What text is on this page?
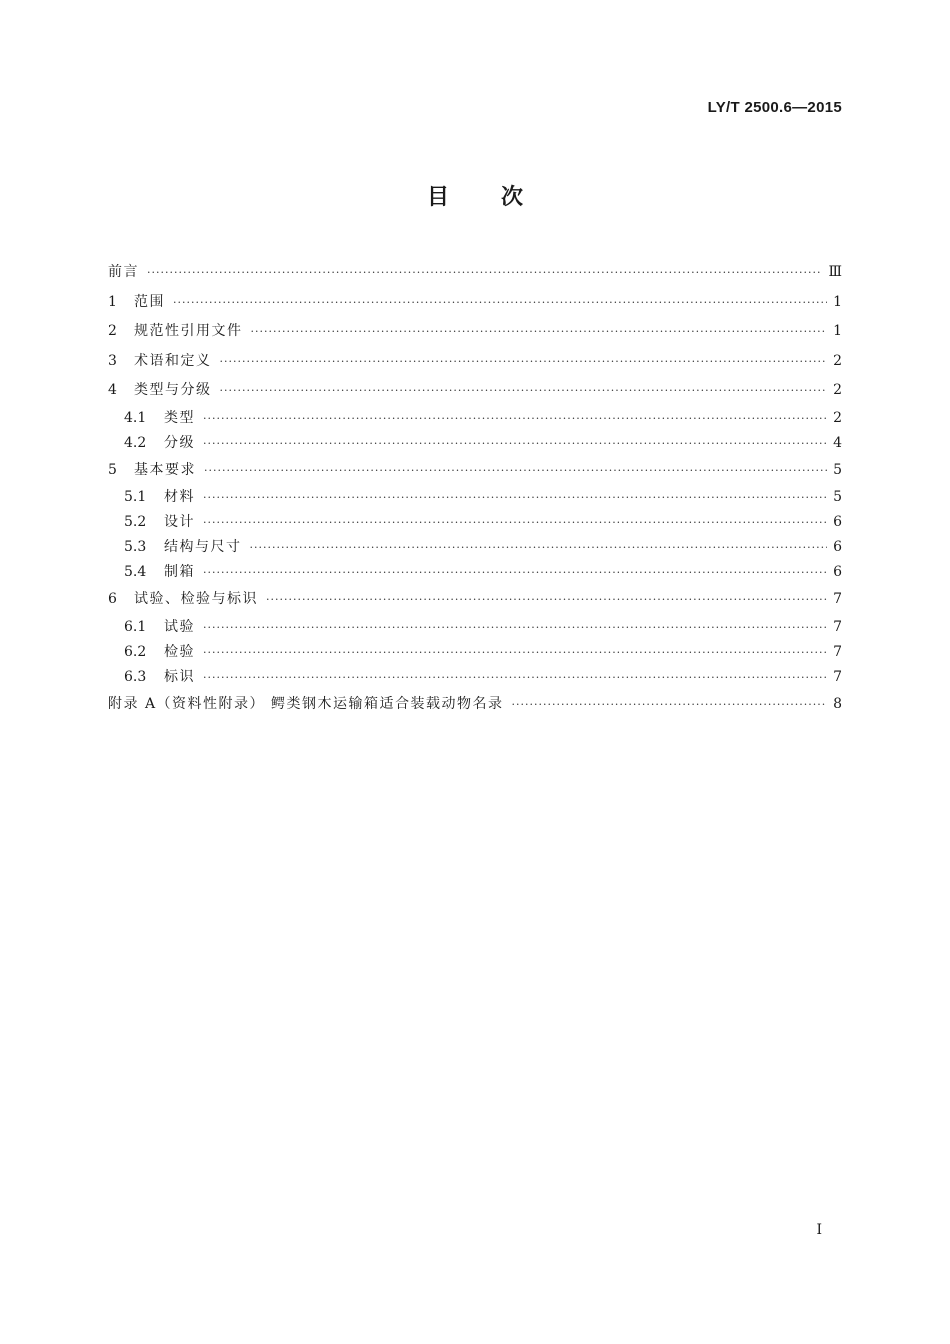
LY/T 2500.6—2015
目 次
前言 ·····	Ⅲ
1	范围 ·····	1
2	规范性引用文件 ·····	1
3	术语和定义 ·····	2
4	类型与分级 ·····	2
4.1	类型 ·····	2
4.2	分级 ·····	4
5	基本要求 ·····	5
5.1	材料 ·····	5
5.2	设计 ·····	6
5.3	结构与尺寸 ·····	6
5.4	制箱 ·····	6
6	试验、检验与标识 ·····	7
6.1	试验 ·····	7
6.2	检验 ·····	7
6.3	标识 ·····	7
附录 A（资料性附录） 鳄类钢木运输箱适合装载动物名录 ·····	8
I
